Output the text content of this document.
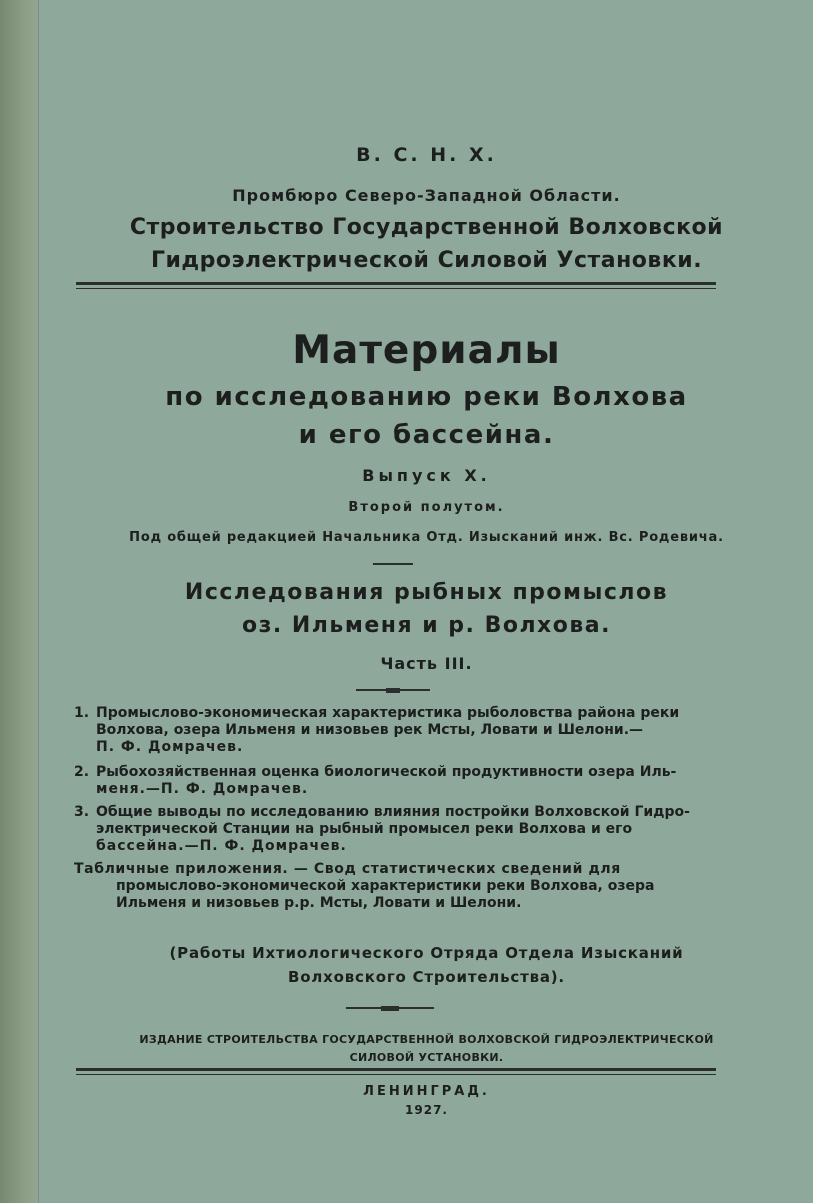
В. С. Н. Х.
Промбюро Северо-Западной Области.
Строительство Государственной Волховской
Гидроэлектрической Силовой Установки.
Материалы
по исследованию реки Волхова
и его бассейна.
Выпуск X.
Второй полутом.
Под общей редакцией Начальника Отд. Изысканий инж. Вс. Родевича.
Исследования рыбных промыслов
оз. Ильменя и р. Волхова.
Часть III.
1. Промыслово-экономическая характеристика рыболовства района реки

Волхова, озера Ильменя и низовьев рек Мсты, Ловати и Шелони.—

П. Ф. Домрачев.

2. Рыбохозяйственная оценка биологической продуктивности озера Иль-

меня.—П. Ф. Домрачев.

3. Общие выводы по исследованию влияния постройки Волховской Гидро-

электрической Станции на рыбный промысел реки Волхова и его

бассейна.—П. Ф. Домрачев.

Табличные приложения. — Свод статистических сведений для

промыслово-экономической характеристики реки Волхова, озера

Ильменя и низовьев р.р. Мсты, Ловати и Шелони.

(Работы Ихтиологического Отряда Отдела Изысканий
Волховского Строительства).
ИЗДАНИЕ СТРОИТЕЛЬСТВА ГОСУДАРСТВЕННОЙ ВОЛХОВСКОЙ ГИДРОЭЛЕКТРИЧЕСКОЙ
СИЛОВОЙ УСТАНОВКИ.
ЛЕНИНГРАД.
1927.
